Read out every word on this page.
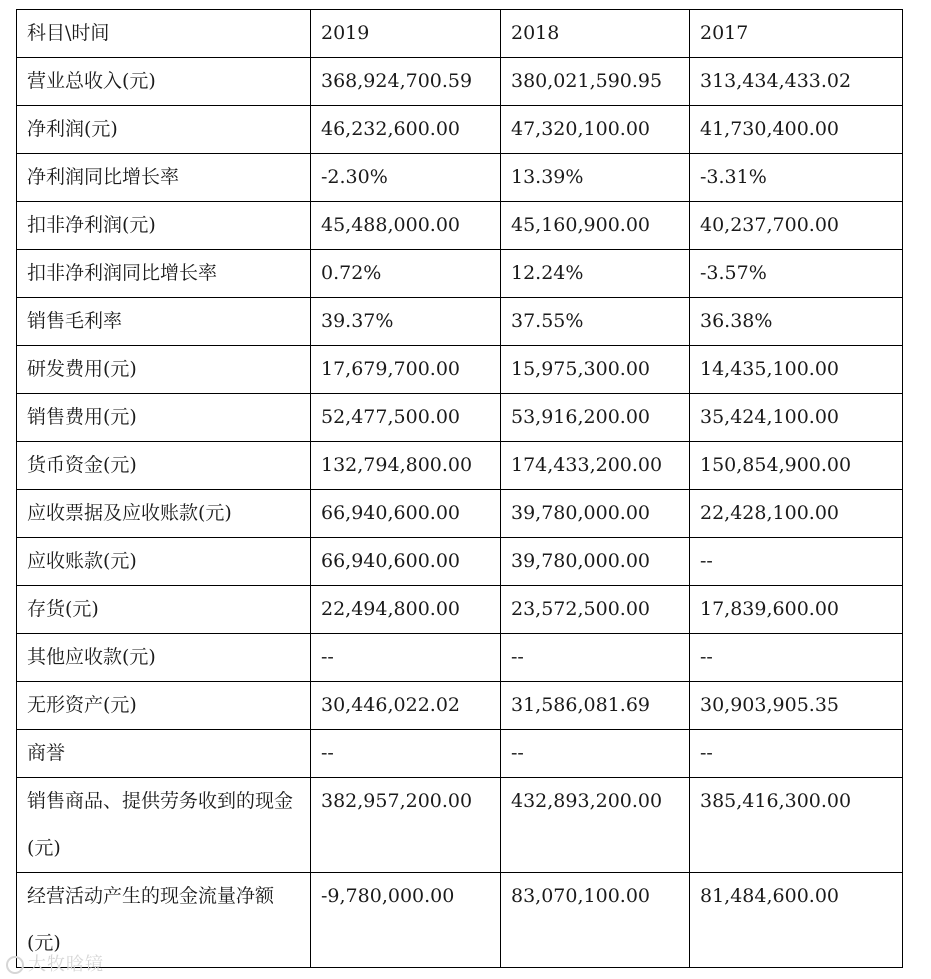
科目\时间	2019	2018	2017
营业总收入(元)	368,924,700.59	380,021,590.95	313,434,433.02
净利润(元)	46,232,600.00	47,320,100.00	41,730,400.00
净利润同比增长率	-2.30%	13.39%	-3.31%
扣非净利润(元)	45,488,000.00	45,160,900.00	40,237,700.00
扣非净利润同比增长率	0.72%	12.24%	-3.57%
销售毛利率	39.37%	37.55%	36.38%
研发费用(元)	17,679,700.00	15,975,300.00	14,435,100.00
销售费用(元)	52,477,500.00	53,916,200.00	35,424,100.00
货币资金(元)	132,794,800.00	174,433,200.00	150,854,900.00
应收票据及应收账款(元)	66,940,600.00	39,780,000.00	22,428,100.00
应收账款(元)	66,940,600.00	39,780,000.00	--
存货(元)	22,494,800.00	23,572,500.00	17,839,600.00
其他应收款(元)	--	--	--
无形资产(元)	30,446,022.02	31,586,081.69	30,903,905.35
商誉	--	--	--
销售商品、提供劳务收到的现金(元)	382,957,200.00	432,893,200.00	385,416,300.00
经营活动产生的现金流量净额(元)	-9,780,000.00	83,070,100.00	81,484,600.00
大牧晗镜
